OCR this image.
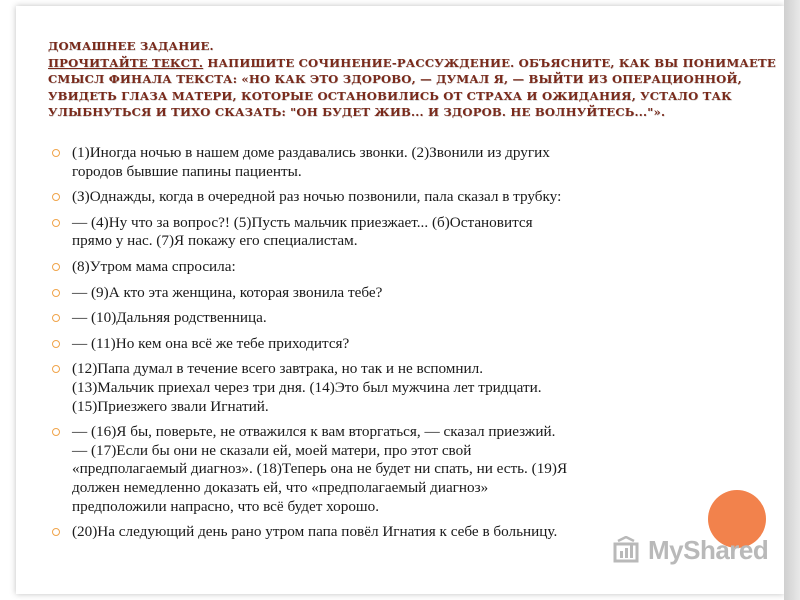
ДОМАШНЕЕ ЗАДАНИЕ.
ПРОЧИТАЙТЕ ТЕКСТ. НАПИШИТЕ СОЧИНЕНИЕ-РАССУЖДЕНИЕ. ОБЪЯСНИТЕ, КАК ВЫ ПОНИМАЕТЕ
СМЫСЛ ФИНАЛА ТЕКСТА: «НО КАК ЭТО ЗДОРОВО, — ДУМАЛ Я, — ВЫЙТИ ИЗ ОПЕРАЦИОННОЙ,
УВИДЕТЬ ГЛАЗА МАТЕРИ, КОТОРЫЕ ОСТАНОВИЛИСЬ ОТ СТРАХА И ОЖИДАНИЯ, УСТАЛО ТАК
УЛЫБНУТЬСЯ И ТИХО СКАЗАТЬ: "ОН БУДЕТ ЖИВ... И ЗДОРОВ. НЕ ВОЛНУЙТЕСЬ..."».
(1)Иногда ночью в нашем доме раздавались звонки. (2)Звонили из других
городов бывшие папины пациенты.
(З)Однажды, когда в очередной раз ночью позвонили, пала сказал в трубку:
— (4)Ну что за вопрос?! (5)Пусть мальчик приезжает... (б)Остановится
прямо у нас. (7)Я покажу его специалистам.
(8)Утром мама спросила:
— (9)А кто эта женщина, которая звонила тебе?
— (10)Дальняя родственница.
— (11)Но кем она всё же тебе приходится?
(12)Папа думал в течение всего завтрака, но так и не вспомнил.
(13)Мальчик приехал через три дня. (14)Это был мужчина лет тридцати.
(15)Приезжего звали Игнатий.
— (16)Я бы, поверьте, не отважился к вам вторгаться, — сказал приезжий.
— (17)Если бы они не сказали ей, моей матери, про этот свой
«предполагаемый диагноз». (18)Теперь она не будет ни спать, ни есть. (19)Я
должен немедленно доказать ей, что «предполагаемый диагноз»
предположили напрасно, что всё будет хорошо.
(20)На следующий день рано утром папа повёл Игнатия к себе в больницу.
MyShared
